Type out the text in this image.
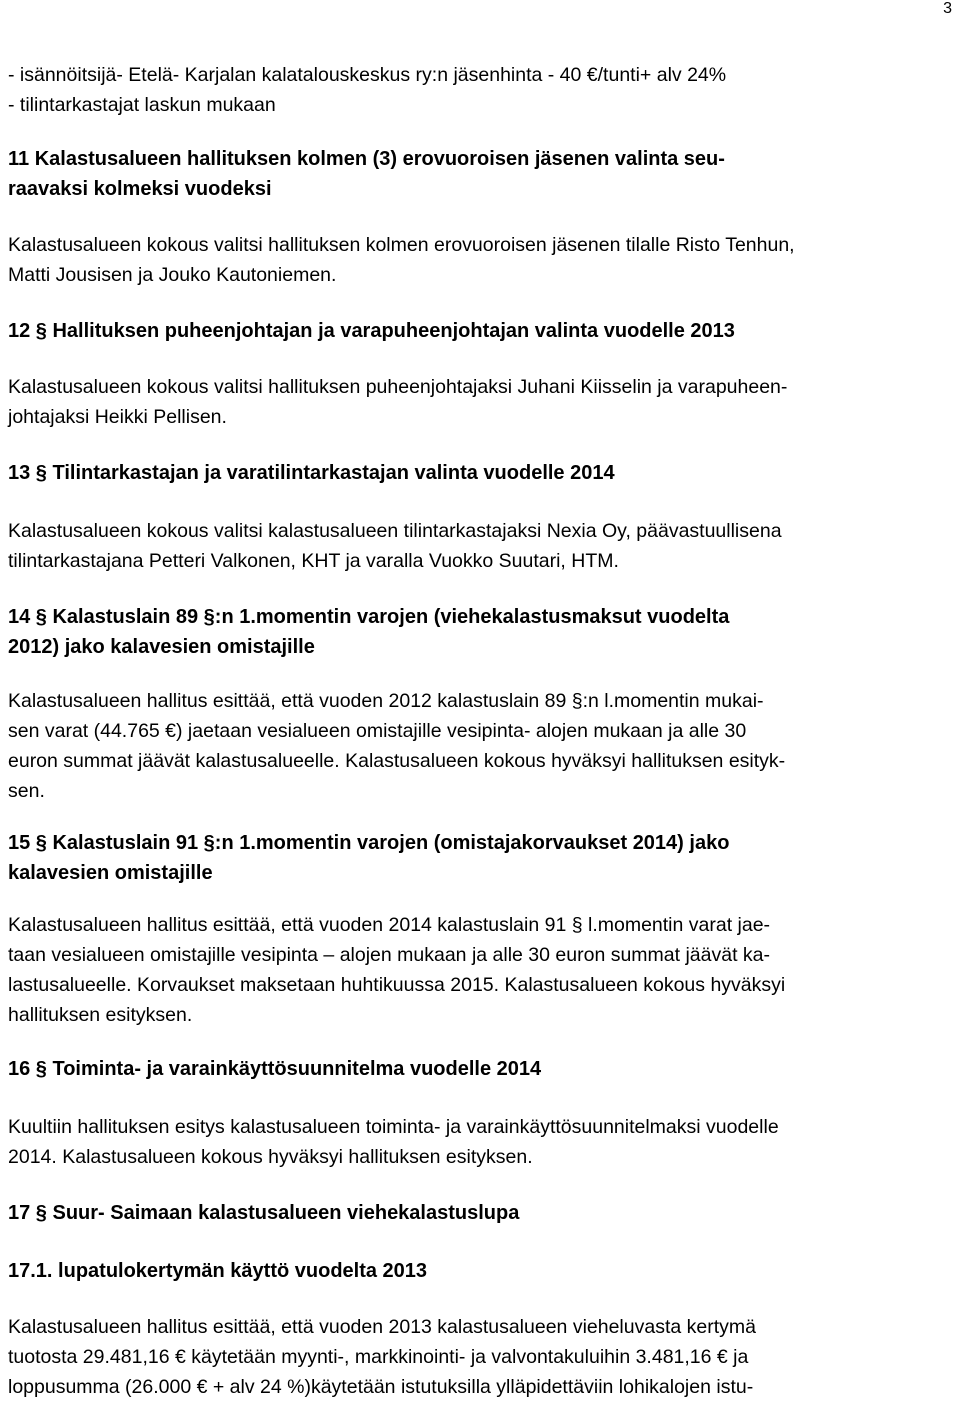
3
- isännöitsijä- Etelä- Karjalan kalatalouskeskus ry:n jäsenhinta - 40 €/tunti+ alv 24%
- tilintarkastajat laskun mukaan
11 Kalastusalueen hallituksen kolmen (3) erovuoroisen jäsenen valinta seu-
raavaksi kolmeksi vuodeksi
Kalastusalueen kokous valitsi hallituksen kolmen erovuoroisen jäsenen tilalle Risto Tenhun,
Matti Jousisen ja Jouko Kautoniemen.
12 § Hallituksen puheenjohtajan ja varapuheenjohtajan valinta vuodelle 2013
Kalastusalueen kokous valitsi hallituksen puheenjohtajaksi Juhani Kiisselin ja varapuheen-
johtajaksi Heikki Pellisen.
13 § Tilintarkastajan ja varatilintarkastajan valinta vuodelle 2014
Kalastusalueen kokous valitsi kalastusalueen tilintarkastajaksi Nexia Oy, päävastuullisena
tilintarkastajana Petteri Valkonen, KHT ja varalla Vuokko Suutari, HTM.
14 § Kalastuslain 89 §:n 1.momentin varojen (viehekalastusmaksut vuodelta
2012) jako kalavesien omistajille
Kalastusalueen hallitus esittää, että vuoden 2012 kalastuslain 89 §:n l.momentin mukai-
sen varat (44.765 €) jaetaan vesialueen omistajille vesipinta- alojen mukaan ja alle 30
euron summat jäävät kalastusalueelle. Kalastusalueen kokous hyväksyi hallituksen esityk-
sen.
15 § Kalastuslain 91 §:n 1.momentin varojen (omistajakorvaukset 2014) jako
kalavesien omistajille
Kalastusalueen hallitus esittää, että vuoden 2014 kalastuslain 91 § l.momentin varat jae-
taan vesialueen omistajille vesipinta – alojen mukaan ja alle 30 euron summat jäävät ka-
lastusalueelle. Korvaukset maksetaan huhtikuussa 2015. Kalastusalueen kokous hyväksyi
hallituksen esityksen.
16 § Toiminta- ja varainkäyttösuunnitelma vuodelle 2014
Kuultiin hallituksen esitys kalastusalueen toiminta- ja varainkäyttösuunnitelmaksi vuodelle
2014. Kalastusalueen kokous hyväksyi hallituksen esityksen.
17 § Suur- Saimaan kalastusalueen viehekalastuslupa
17.1. lupatulokertymän käyttö vuodelta 2013
Kalastusalueen hallitus esittää, että vuoden 2013 kalastusalueen vieheluvasta kertymä
tuotosta 29.481,16 € käytetään myynti-, markkinointi- ja valvontakuluihin 3.481,16 € ja
loppusumma (26.000 € + alv 24 %)käytetään istutuksilla ylläpidettäviin lohikalojen istu-
